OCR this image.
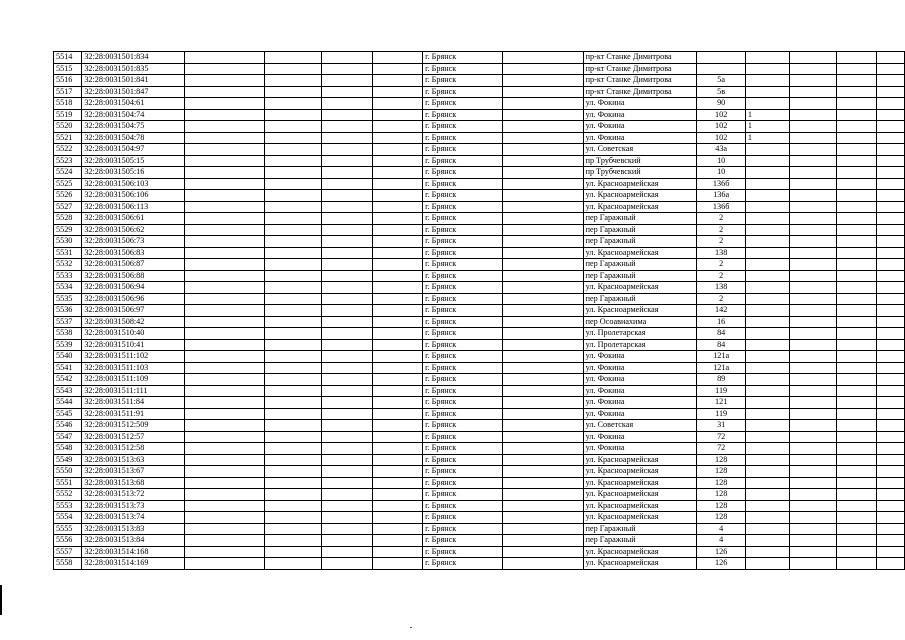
5514	32:28:0031501:834					г. Брянск		пр-кт Станке Димитрова					
5515	32:28:0031501:835					г. Брянск		пр-кт Станке Димитрова					
5516	32:28:0031501:841					г. Брянск		пр-кт Станке Димитрова	5а				
5517	32:28:0031501:847					г. Брянск		пр-кт Станке Димитрова	5в				
5518	32:28:0031504:61					г. Брянск		ул. Фокина	90				
5519	32:28:0031504:74					г. Брянск		ул. Фокина	102	1			
5520	32:28:0031504:75					г. Брянск		ул. Фокина	102	1			
5521	32:28:0031504:78					г. Брянск		ул. Фокина	102	1			
5522	32:28:0031504:97					г. Брянск		ул. Советская	43а				
5523	32:28:0031505:15					г. Брянск		пр Трубчевский	10				
5524	32:28:0031505:16					г. Брянск		пр Трубчевский	10				
5525	32:28:0031506:103					г. Брянск		ул. Красноармейская	136б				
5526	32:28:0031506:106					г. Брянск		ул. Красноармейская	136а				
5527	32:28:0031506:113					г. Брянск		ул. Красноармейская	136б				
5528	32:28:0031506:61					г. Брянск		пер Гаражный	2				
5529	32:28:0031506:62					г. Брянск		пер Гаражный	2				
5530	32:28:0031506:73					г. Брянск		пер Гаражный	2				
5531	32:28:0031506:83					г. Брянск		ул. Красноармейская	138				
5532	32:28:0031506:87					г. Брянск		пер Гаражный	2				
5533	32:28:0031506:88					г. Брянск		пер Гаражный	2				
5534	32:28:0031506:94					г. Брянск		ул. Красноармейская	138				
5535	32:28:0031506:96					г. Брянск		пер Гаражный	2				
5536	32:28:0031506:97					г. Брянск		ул. Красноармейская	142				
5537	32:28:0031508:42					г. Брянск		пер Осоавиахима	16				
5538	32:28:0031510:40					г. Брянск		ул. Пролетарская	84				
5539	32:28:0031510:41					г. Брянск		ул. Пролетарская	84				
5540	32:28:0031511:102					г. Брянск		ул. Фокина	121а				
5541	32:28:0031511:103					г. Брянск		ул. Фокина	121а				
5542	32:28:0031511:109					г. Брянск		ул. Фокина	89				
5543	32:28:0031511:111					г. Брянск		ул. Фокина	119				
5544	32:28:0031511:84					г. Брянск		ул. Фокина	121				
5545	32:28:0031511:91					г. Брянск		ул. Фокина	119				
5546	32:28:0031512:509					г. Брянск		ул. Советская	31				
5547	32:28:0031512:57					г. Брянск		ул. Фокина	72				
5548	32:28:0031512:58					г. Брянск		ул. Фокина	72				
5549	32:28:0031513:63					г. Брянск		ул. Красноармейская	128				
5550	32:28:0031513:67					г. Брянск		ул. Красноармейская	128				
5551	32:28:0031513:68					г. Брянск		ул. Красноармейская	128				
5552	32:28:0031513:72					г. Брянск		ул. Красноармейская	128				
5553	32:28:0031513:73					г. Брянск		ул. Красноармейская	128				
5554	32:28:0031513:74					г. Брянск		ул. Красноармейская	128				
5555	32:28:0031513:83					г. Брянск		пер Гаражный	4				
5556	32:28:0031513:84					г. Брянск		пер Гаражный	4				
5557	32:28:0031514:168					г. Брянск		ул. Красноармейская	126				
5558	32:28:0031514:169					г. Брянск		ул. Красноармейская	126				
